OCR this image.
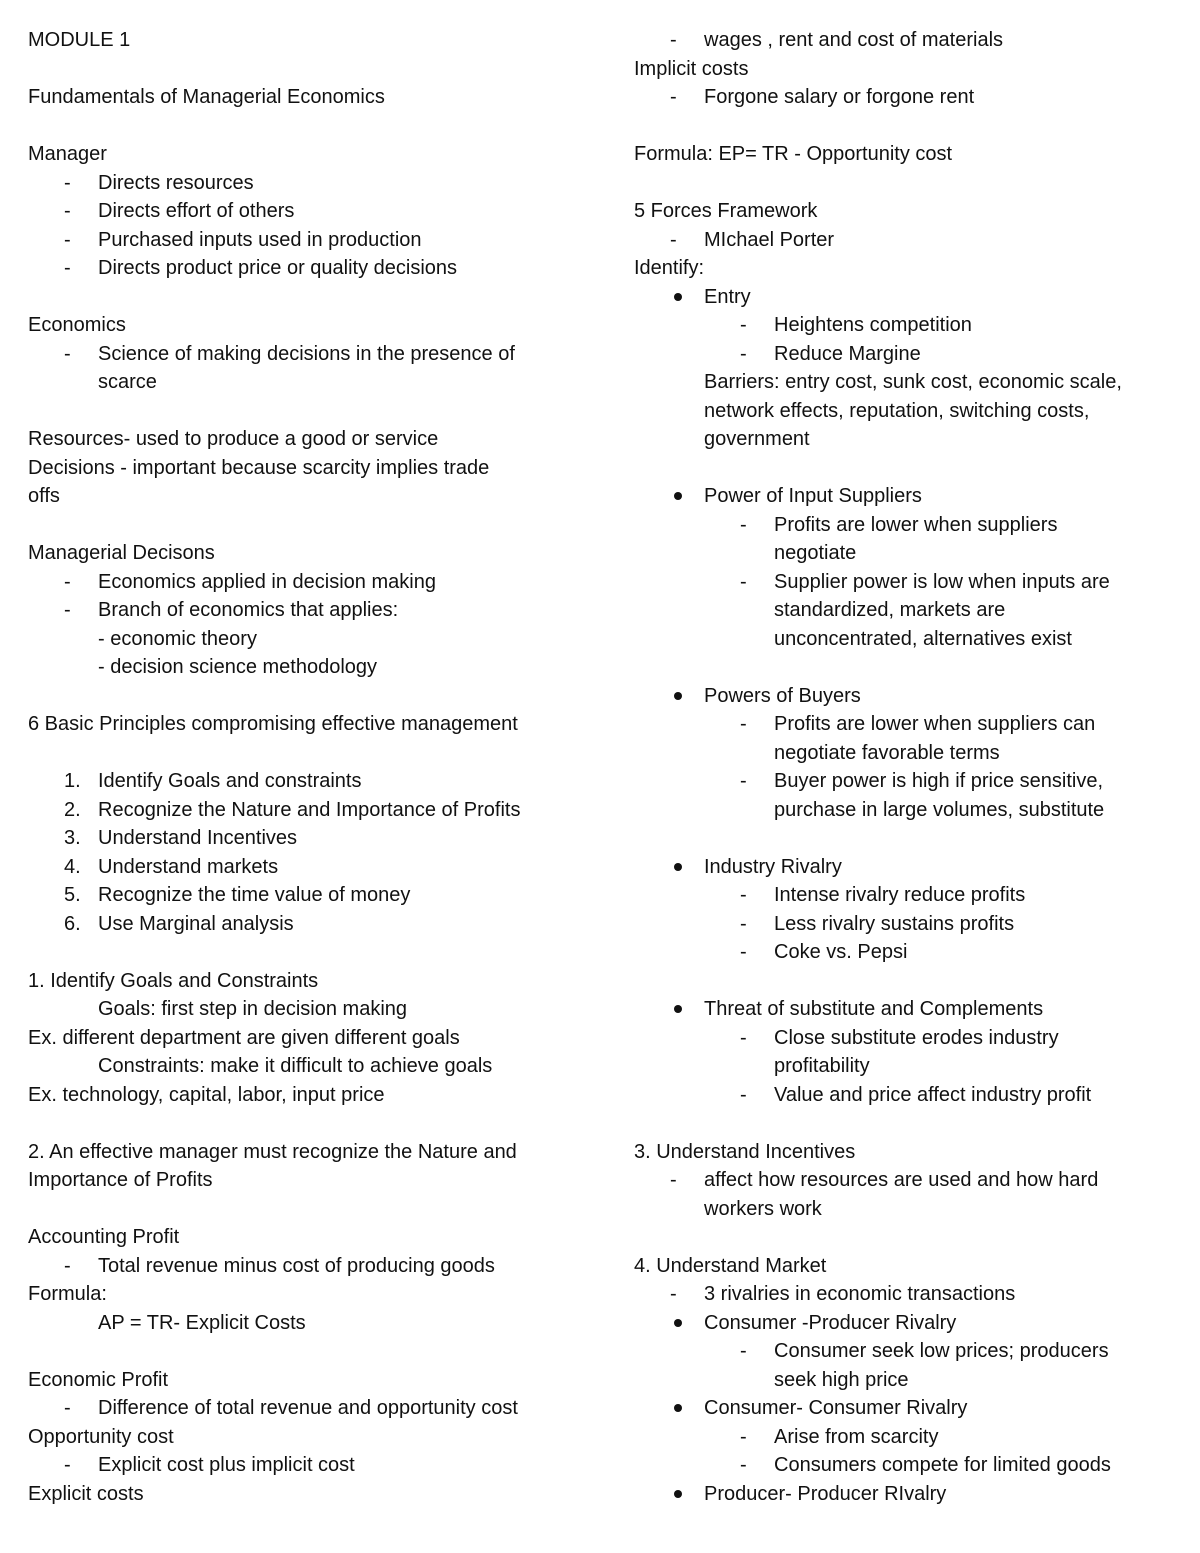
MODULE 1
Fundamentals of Managerial Economics
Manager
- Directs resources
- Directs effort of others
- Purchased inputs used in production
- Directs product price or quality decisions
Economics
- Science of making decisions in the presence of
scarce
Resources- used to produce a good or service
Decisions - important because scarcity implies trade
offs
Managerial Decisons
- Economics applied in decision making
- Branch of economics that applies:
- economic theory
- decision science methodology
6 Basic Principles compromising effective management
1. Identify Goals and constraints
2. Recognize the Nature and Importance of Profits
3. Understand Incentives
4. Understand markets
5. Recognize the time value of money
6. Use Marginal analysis
1. Identify Goals and Constraints
Goals: first step in decision making
Ex. different department are given different goals
Constraints: make it difficult to achieve goals
Ex. technology, capital, labor, input price
2. An effective manager must recognize the Nature and
Importance of Profits
Accounting Profit
- Total revenue minus cost of producing goods
Formula:
AP = TR- Explicit Costs
Economic Profit
- Difference of total revenue and opportunity cost
Opportunity cost
- Explicit cost plus implicit cost
Explicit costs
- wages , rent and cost of materials
Implicit costs
- Forgone salary or forgone rent
Formula: EP= TR - Opportunity cost
5 Forces Framework
- MIchael Porter
Identify:
Entry
- Heightens competition
- Reduce Margine
Barriers: entry cost, sunk cost, economic scale,
network effects, reputation, switching costs,
government
Power of Input Suppliers
- Profits are lower when suppliers
negotiate
- Supplier power is low when inputs are
standardized, markets are
unconcentrated, alternatives exist
Powers of Buyers
- Profits are lower when suppliers can
negotiate favorable terms
- Buyer power is high if price sensitive,
purchase in large volumes, substitute
Industry Rivalry
- Intense rivalry reduce profits
- Less rivalry sustains profits
- Coke vs. Pepsi
Threat of substitute and Complements
- Close substitute erodes industry
profitability
- Value and price affect industry profit
3. Understand Incentives
- affect how resources are used and how hard
workers work
4. Understand Market
- 3 rivalries in economic transactions
Consumer -Producer Rivalry
- Consumer seek low prices; producers
seek high price
Consumer- Consumer Rivalry
- Arise from scarcity
- Consumers compete for limited goods
Producer- Producer RIvalry
